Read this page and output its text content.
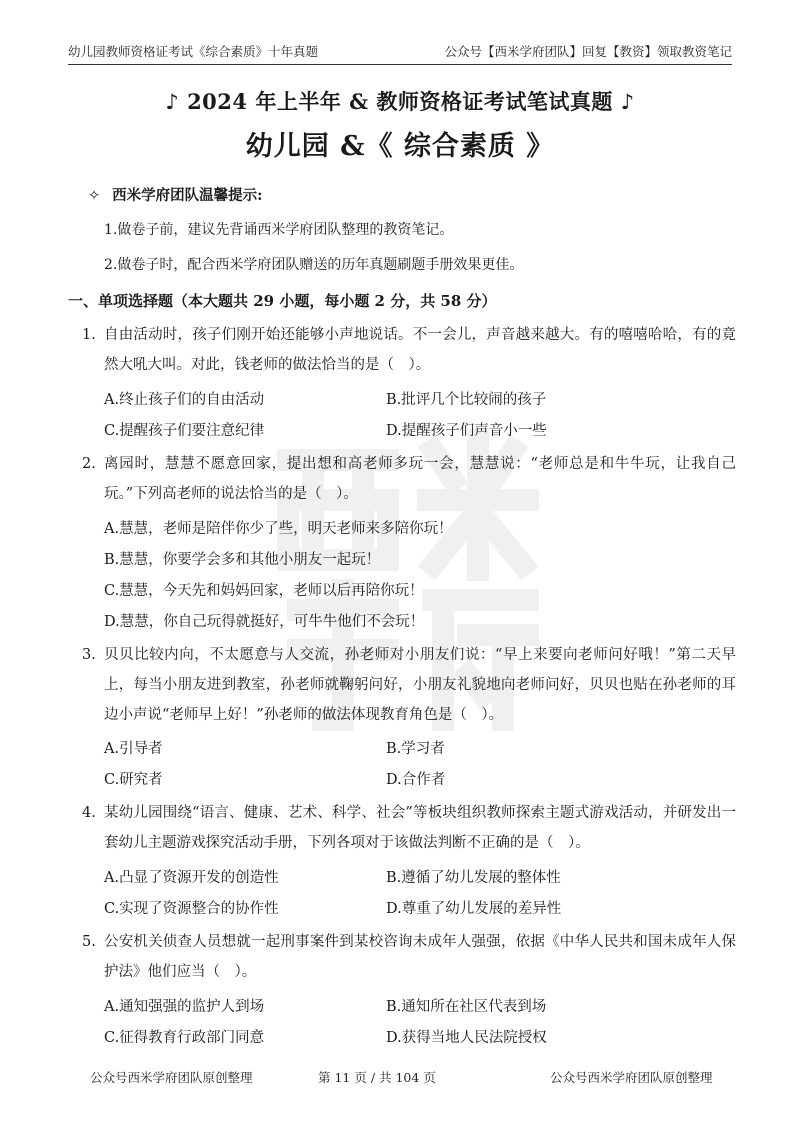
幼儿园教师资格证考试《综合素质》十年真题	公众号【西米学府团队】回复【教资】领取教资笔记
♪ 2024 年上半年 & 教师资格证考试笔试真题 ♪
幼儿园 &《 综合素质 》
✧ 西米学府团队温馨提示:
1.做卷子前，建议先背诵西米学府团队整理的教资笔记。
2.做卷子时，配合西米学府团队赠送的历年真题刷题手册效果更佳。
一、单项选择题（本大题共 29 小题，每小题 2 分，共 58 分）
1. 自由活动时，孩子们刚开始还能够小声地说话。不一会儿，声音越来越大。有的嘻嘻哈哈，有的竟然大吼大叫。对此，钱老师的做法恰当的是（　）。
A.终止孩子们的自由活动	B.批评几个比较闹的孩子
C.提醒孩子们要注意纪律	D.提醒孩子们声音小一些
2. 离园时，慧慧不愿意回家，提出想和高老师多玩一会，慧慧说：“老师总是和牛牛玩，让我自己玩。”下列高老师的说法恰当的是（　）。
A.慧慧，老师是陪伴你少了些，明天老师来多陪你玩！
B.慧慧，你要学会多和其他小朋友一起玩！
C.慧慧，今天先和妈妈回家，老师以后再陪你玩！
D.慧慧，你自己玩得就挺好，可牛牛他们不会玩！
3. 贝贝比较内向，不太愿意与人交流，孙老师对小朋友们说：“早上来要向老师问好哦！”第二天早上，每当小朋友进到教室，孙老师就鞠躬问好，小朋友礼貌地向老师问好，贝贝也贴在孙老师的耳边小声说“老师早上好！”孙老师的做法体现教育角色是（　）。
A.引导者	B.学习者
C.研究者	D.合作者
4. 某幼儿园围绕“语言、健康、艺术、科学、社会”等板块组织教师探索主题式游戏活动，并研发出一套幼儿主题游戏探究活动手册，下列各项对于该做法判断不正确的是（　）。
A.凸显了资源开发的创造性	B.遵循了幼儿发展的整体性
C.实现了资源整合的协作性	D.尊重了幼儿发展的差异性
5. 公安机关侦查人员想就一起刑事案件到某校咨询未成年人强强，依据《中华人民共和国未成年人保护法》他们应当（　）。
A.通知强强的监护人到场	B.通知所在社区代表到场
C.征得教育行政部门同意	D.获得当地人民法院授权
公众号西米学府团队原创整理	第 11 页 / 共 104 页	公众号西米学府团队原创整理
